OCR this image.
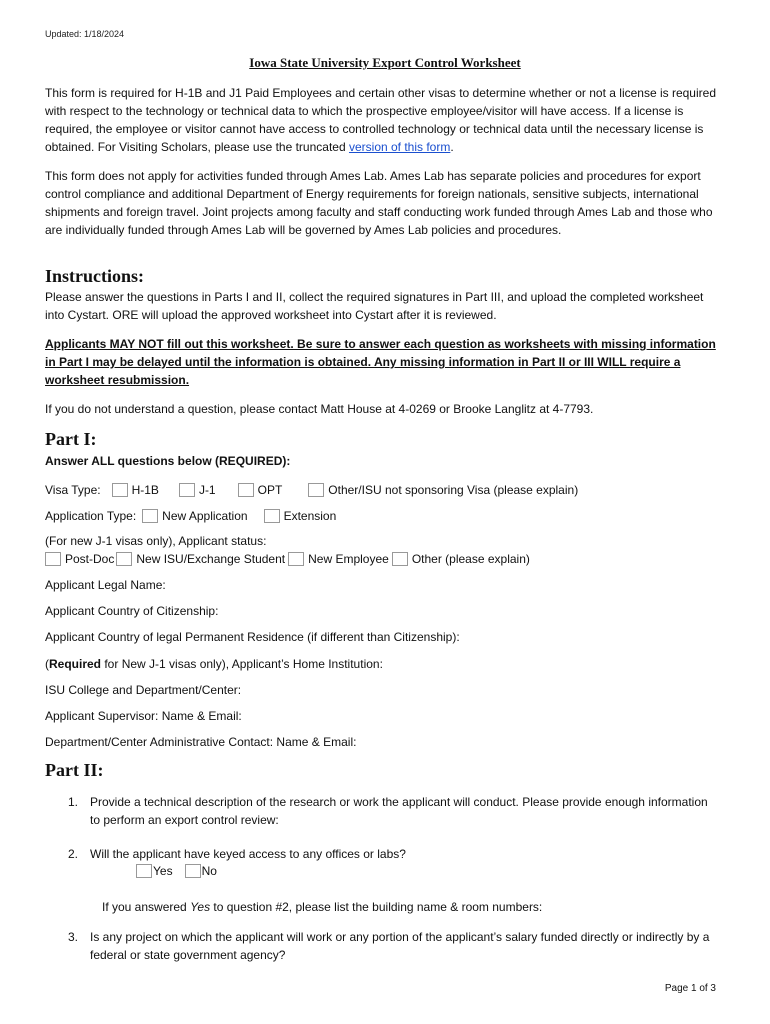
Updated: 1/18/2024
Iowa State University Export Control Worksheet
This form is required for H-1B and J1 Paid Employees and certain other visas to determine whether or not a license is required with respect to the technology or technical data to which the prospective employee/visitor will have access. If a license is required, the employee or visitor cannot have access to controlled technology or technical data until the necessary license is obtained. For Visiting Scholars, please use the truncated version of this form.
This form does not apply for activities funded through Ames Lab. Ames Lab has separate policies and procedures for export control compliance and additional Department of Energy requirements for foreign nationals, sensitive subjects, international shipments and foreign travel. Joint projects among faculty and staff conducting work funded through Ames Lab and those who are individually funded through Ames Lab will be governed by Ames Lab policies and procedures.
Instructions:
Please answer the questions in Parts I and II, collect the required signatures in Part III, and upload the completed worksheet into Cystart. ORE will upload the approved worksheet into Cystart after it is reviewed.
Applicants MAY NOT fill out this worksheet. Be sure to answer each question as worksheets with missing information in Part I may be delayed until the information is obtained. Any missing information in Part II or III WILL require a worksheet resubmission.
If you do not understand a question, please contact Matt House at 4-0269 or Brooke Langlitz at 4-7793.
Part I:
Answer ALL questions below (REQUIRED):
Visa Type:	H-1B	J-1	OPT	Other/ISU not sponsoring Visa (please explain)
Application Type: New Application	Extension
(For new J-1 visas only), Applicant status:
Post-Doc New ISU/Exchange Student New Employee Other (please explain)
Applicant Legal Name:
Applicant Country of Citizenship:
Applicant Country of legal Permanent Residence (if different than Citizenship):
(Required for New J-1 visas only), Applicant’s Home Institution:
ISU College and Department/Center:
Applicant Supervisor: Name & Email:
Department/Center Administrative Contact: Name & Email:
Part II:
1. Provide a technical description of the research or work the applicant will conduct. Please provide enough information to perform an export control review:
2. Will the applicant have keyed access to any offices or labs?
Yes No
If you answered Yes to question #2, please list the building name & room numbers:
3. Is any project on which the applicant will work or any portion of the applicant’s salary funded directly or indirectly by a federal or state government agency?
Page 1 of 3
